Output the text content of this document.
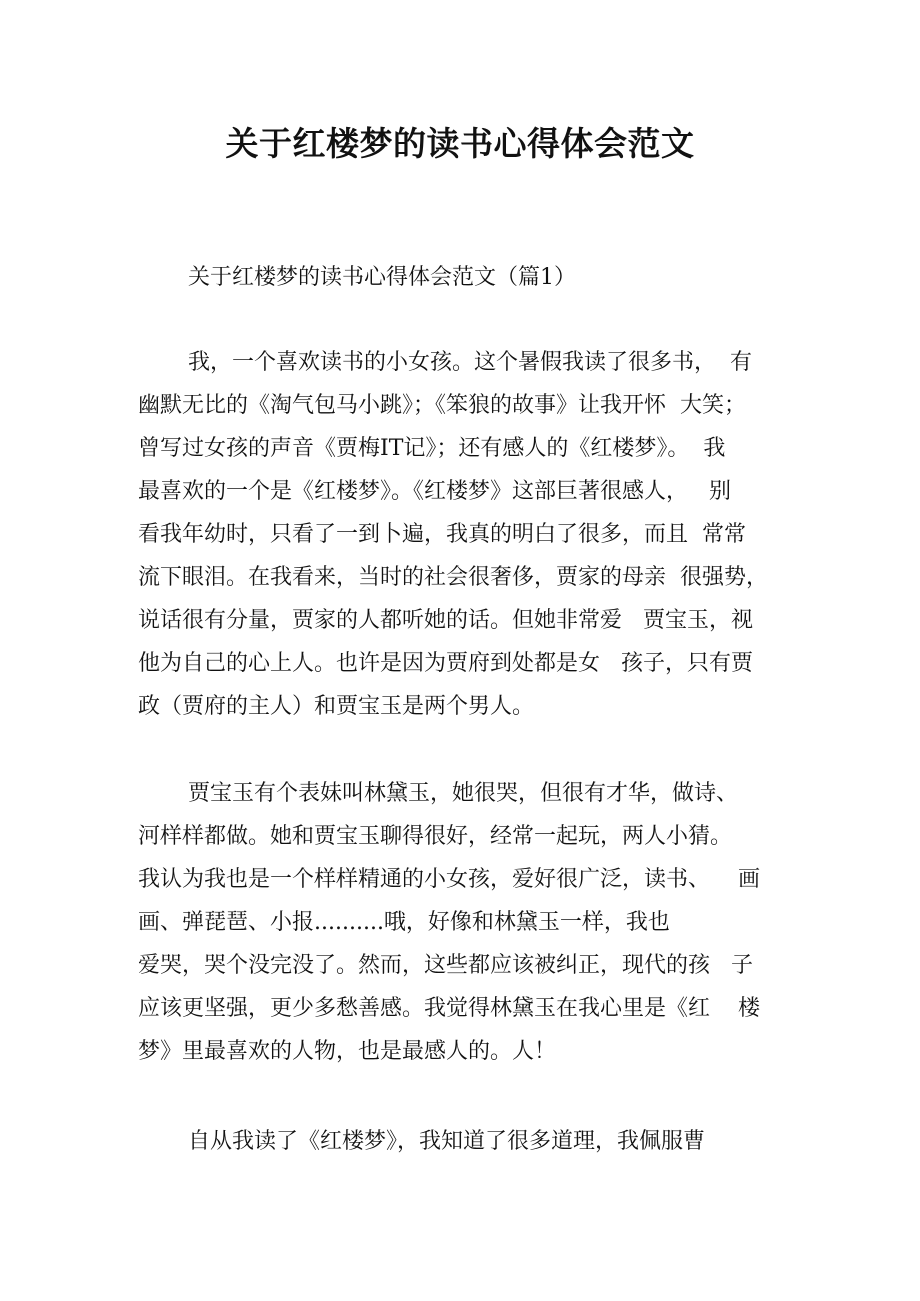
关于红楼梦的读书心得体会范文

关于红楼梦的读书心得体会范文（篇1）

我，一个喜欢读书的小女孩。这个暑假我读了很多书，  有

幽默无比的《淘气包马小跳》；《笨狼的故事》让我开怀  大笑；

曾写过女孩的声音《贾梅IT记》；还有感人的《红楼梦》。  我

最喜欢的一个是《红楼梦》。《红楼梦》这部巨著很感人，   别

看我年幼时，只看了一到卜遍，我真的明白了很多，而且  常常

流下眼泪。在我看来，当时的社会很奢侈，贾家的母亲  很强势，

说话很有分量，贾家的人都听她的话。但她非常爱   贾宝玉，视

他为自己的心上人。也许是因为贾府到处都是女   孩子，只有贾

政（贾府的主人）和贾宝玉是两个男人。

贾宝玉有个表妹叫林黛玉，她很哭，但很有才华，做诗、

河样样都做。她和贾宝玉聊得很好，经常一起玩，两人小猜。

我认为我也是一个样样精通的小女孩，爱好很广泛，读书、    画

画、弹琵琶、小报..........哦，好像和林黛玉一样，我也

爱哭，哭个没完没了。然而，这些都应该被纠正，现代的孩   子

应该更坚强，更少多愁善感。我觉得林黛玉在我心里是《红    楼

梦》里最喜欢的人物，也是最感人的。人！

自从我读了《红楼梦》，我知道了很多道理，我佩服曹
